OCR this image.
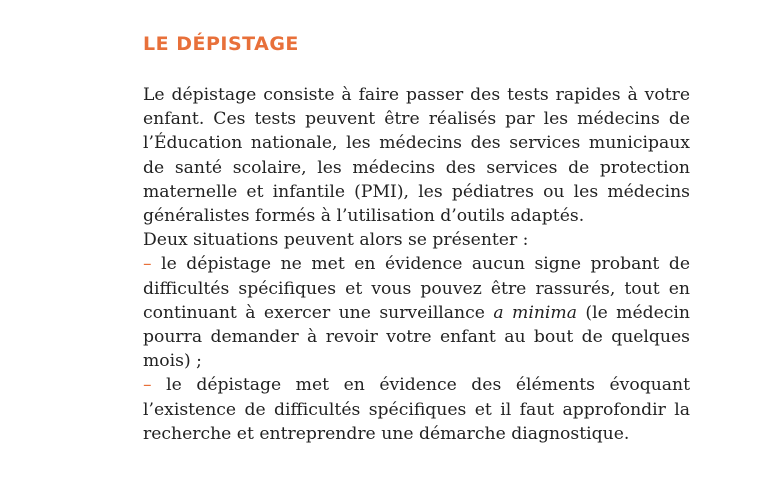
LE DÉPISTAGE

Le dépistage consiste à faire passer des tests rapides à votre enfant. Ces tests peuvent être réalisés par les médecins de l’Éducation nationale, les médecins des services municipaux de santé scolaire, les médecins des services de protection maternelle et infantile (PMI), les pédiatres ou les médecins généralistes formés à l’utilisation d’outils adaptés.

Deux situations peuvent alors se présenter :

– le dépistage ne met en évidence aucun signe probant de difficultés spécifiques et vous pouvez être rassurés, tout en continuant à exercer une surveillance a minima (le médecin pourra demander à revoir votre enfant au bout de quelques mois) ;

– le dépistage met en évidence des éléments évoquant l’existence de difficultés spécifiques et il faut approfondir la recherche et entreprendre une démarche diagnostique.
